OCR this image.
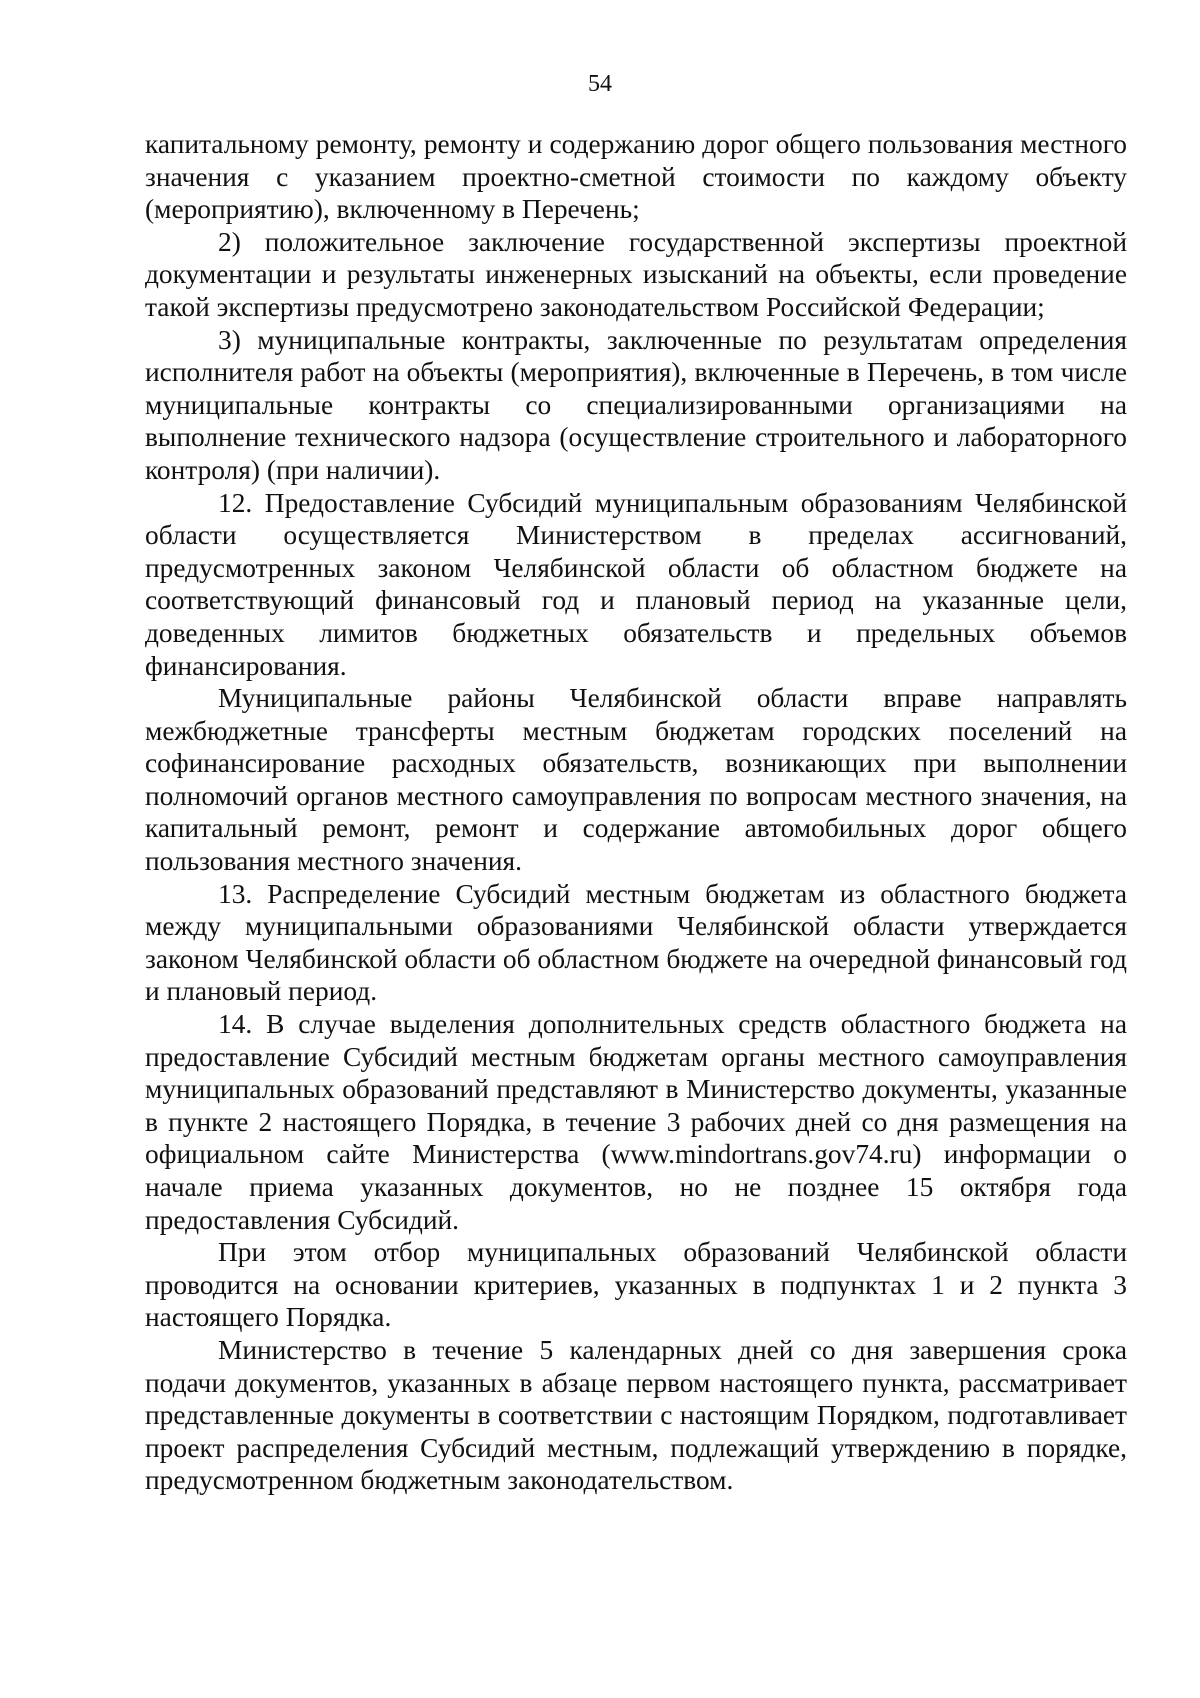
54

капитальному ремонту, ремонту и содержанию дорог общего пользования местного значения с указанием проектно-сметной стоимости по каждому объекту (мероприятию), включенному в Перечень;

2) положительное заключение государственной экспертизы проектной документации и результаты инженерных изысканий на объекты, если проведение такой экспертизы предусмотрено законодательством Российской Федерации;

3) муниципальные контракты, заключенные по результатам определения исполнителя работ на объекты (мероприятия), включенные в Перечень, в том числе муниципальные контракты со специализированными организациями на выполнение технического надзора (осуществление строительного и лабораторного контроля) (при наличии).

12. Предоставление Субсидий муниципальным образованиям Челябинской области осуществляется Министерством в пределах ассигнований, предусмотренных законом Челябинской области об областном бюджете на соответствующий финансовый год и плановый период на указанные цели, доведенных лимитов бюджетных обязательств и предельных объемов финансирования.

Муниципальные районы Челябинской области вправе направлять межбюджетные трансферты местным бюджетам городских поселений на софинансирование расходных обязательств, возникающих при выполнении полномочий органов местного самоуправления по вопросам местного значения, на капитальный ремонт, ремонт и содержание автомобильных дорог общего пользования местного значения.

13. Распределение Субсидий местным бюджетам из областного бюджета между муниципальными образованиями Челябинской области утверждается законом Челябинской области об областном бюджете на очередной финансовый год и плановый период.

14. В случае выделения дополнительных средств областного бюджета на предоставление Субсидий местным бюджетам органы местного самоуправления муниципальных образований представляют в Министерство документы, указанные в пункте 2 настоящего Порядка, в течение 3 рабочих дней со дня размещения на официальном сайте Министерства (www.mindortrans.gov74.ru) информации о начале приема указанных документов, но не позднее 15 октября года предоставления Субсидий.

При этом отбор муниципальных образований Челябинской области проводится на основании критериев, указанных в подпунктах 1 и 2 пункта 3 настоящего Порядка.

Министерство в течение 5 календарных дней со дня завершения срока подачи документов, указанных в абзаце первом настоящего пункта, рассматривает представленные документы в соответствии с настоящим Порядком, подготавливает проект распределения Субсидий местным, подлежащий утверждению в порядке, предусмотренном бюджетным законодательством.
